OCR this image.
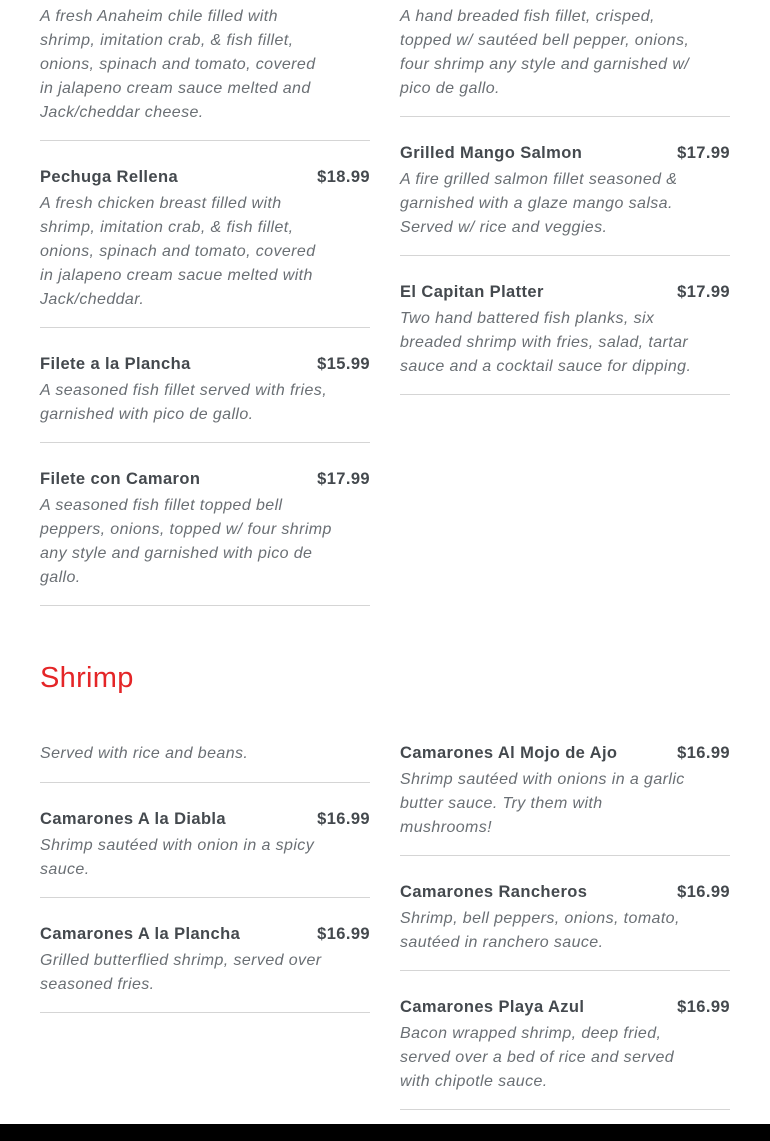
A fresh Anaheim chile filled with shrimp, imitation crab, & fish fillet, onions, spinach and tomato, covered in jalapeno cream sauce melted and Jack/cheddar cheese.
Pechuga Rellena	$18.99
A fresh chicken breast filled with shrimp, imitation crab, & fish fillet, onions, spinach and tomato, covered in jalapeno cream sacue melted with Jack/cheddar.
Filete a la Plancha	$15.99
A seasoned fish fillet served with fries, garnished with pico de gallo.
Filete con Camaron	$17.99
A seasoned fish fillet topped bell peppers, onions, topped w/ four shrimp any style and garnished with pico de gallo.
A hand breaded fish fillet, crisped, topped w/ sautéed bell pepper, onions, four shrimp any style and garnished w/ pico de gallo.
Grilled Mango Salmon	$17.99
A fire grilled salmon fillet seasoned & garnished with a glaze mango salsa. Served w/ rice and veggies.
El Capitan Platter	$17.99
Two hand battered fish planks, six breaded shrimp with fries, salad, tartar sauce and a cocktail sauce for dipping.
Shrimp
Served with rice and beans.
Camarones A la Diabla	$16.99
Shrimp sautéed with onion in a spicy sauce.
Camarones A la Plancha	$16.99
Grilled butterflied shrimp, served over seasoned fries.
Camarones Al Mojo de Ajo	$16.99
Shrimp sautéed with onions in a garlic butter sauce. Try them with mushrooms!
Camarones Rancheros	$16.99
Shrimp, bell peppers, onions, tomato, sautéed in ranchero sauce.
Camarones Playa Azul	$16.99
Bacon wrapped shrimp, deep fried, served over a bed of rice and served with chipotle sauce.
